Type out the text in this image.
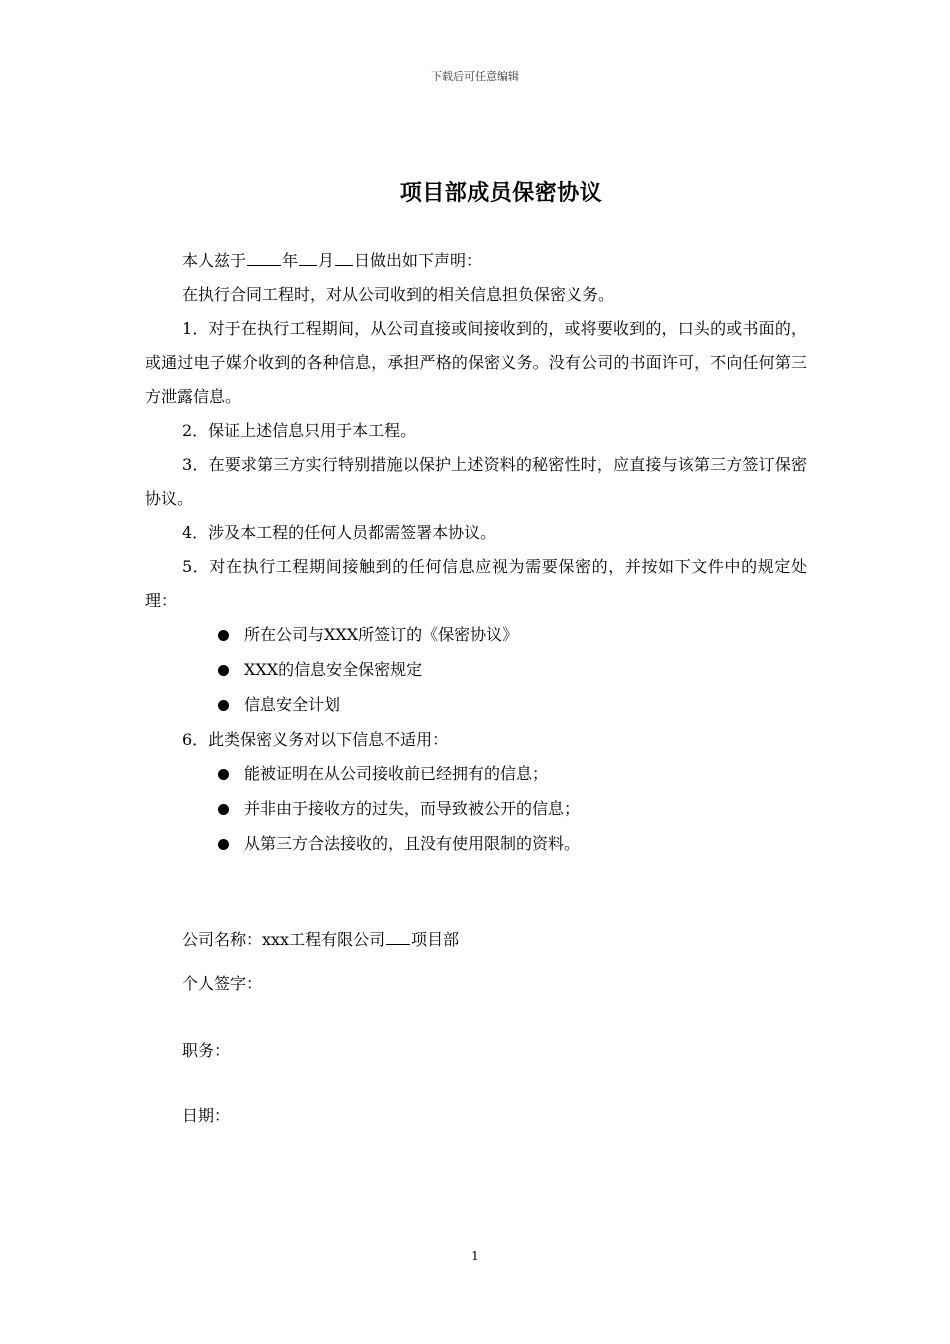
下载后可任意编辑
项目部成员保密协议

本人兹于 年 月 日做出如下声明：

在执行合同工程时，对从公司收到的相关信息担负保密义务。

1．对于在执行工程期间，从公司直接或间接收到的，或将要收到的，口头的或书面的，或通过电子媒介收到的各种信息，承担严格的保密义务。没有公司的书面许可，不向任何第三方泄露信息。

2．保证上述信息只用于本工程。

3．在要求第三方实行特别措施以保护上述资料的秘密性时，应直接与该第三方签订保密协议。

4．涉及本工程的任何人员都需签署本协议。

5．对在执行工程期间接触到的任何信息应视为需要保密的，并按如下文件中的规定处理：

所在公司与XXX所签订的《保密协议》
XXX的信息安全保密规定
信息安全计划

6．此类保密义务对以下信息不适用：

能被证明在从公司接收前已经拥有的信息；
并非由于接收方的过失，而导致被公开的信息；
从第三方合法接收的，且没有使用限制的资料。
公司名称：xxx工程有限公司 项目部
个人签字：
职务：
日期：
1
